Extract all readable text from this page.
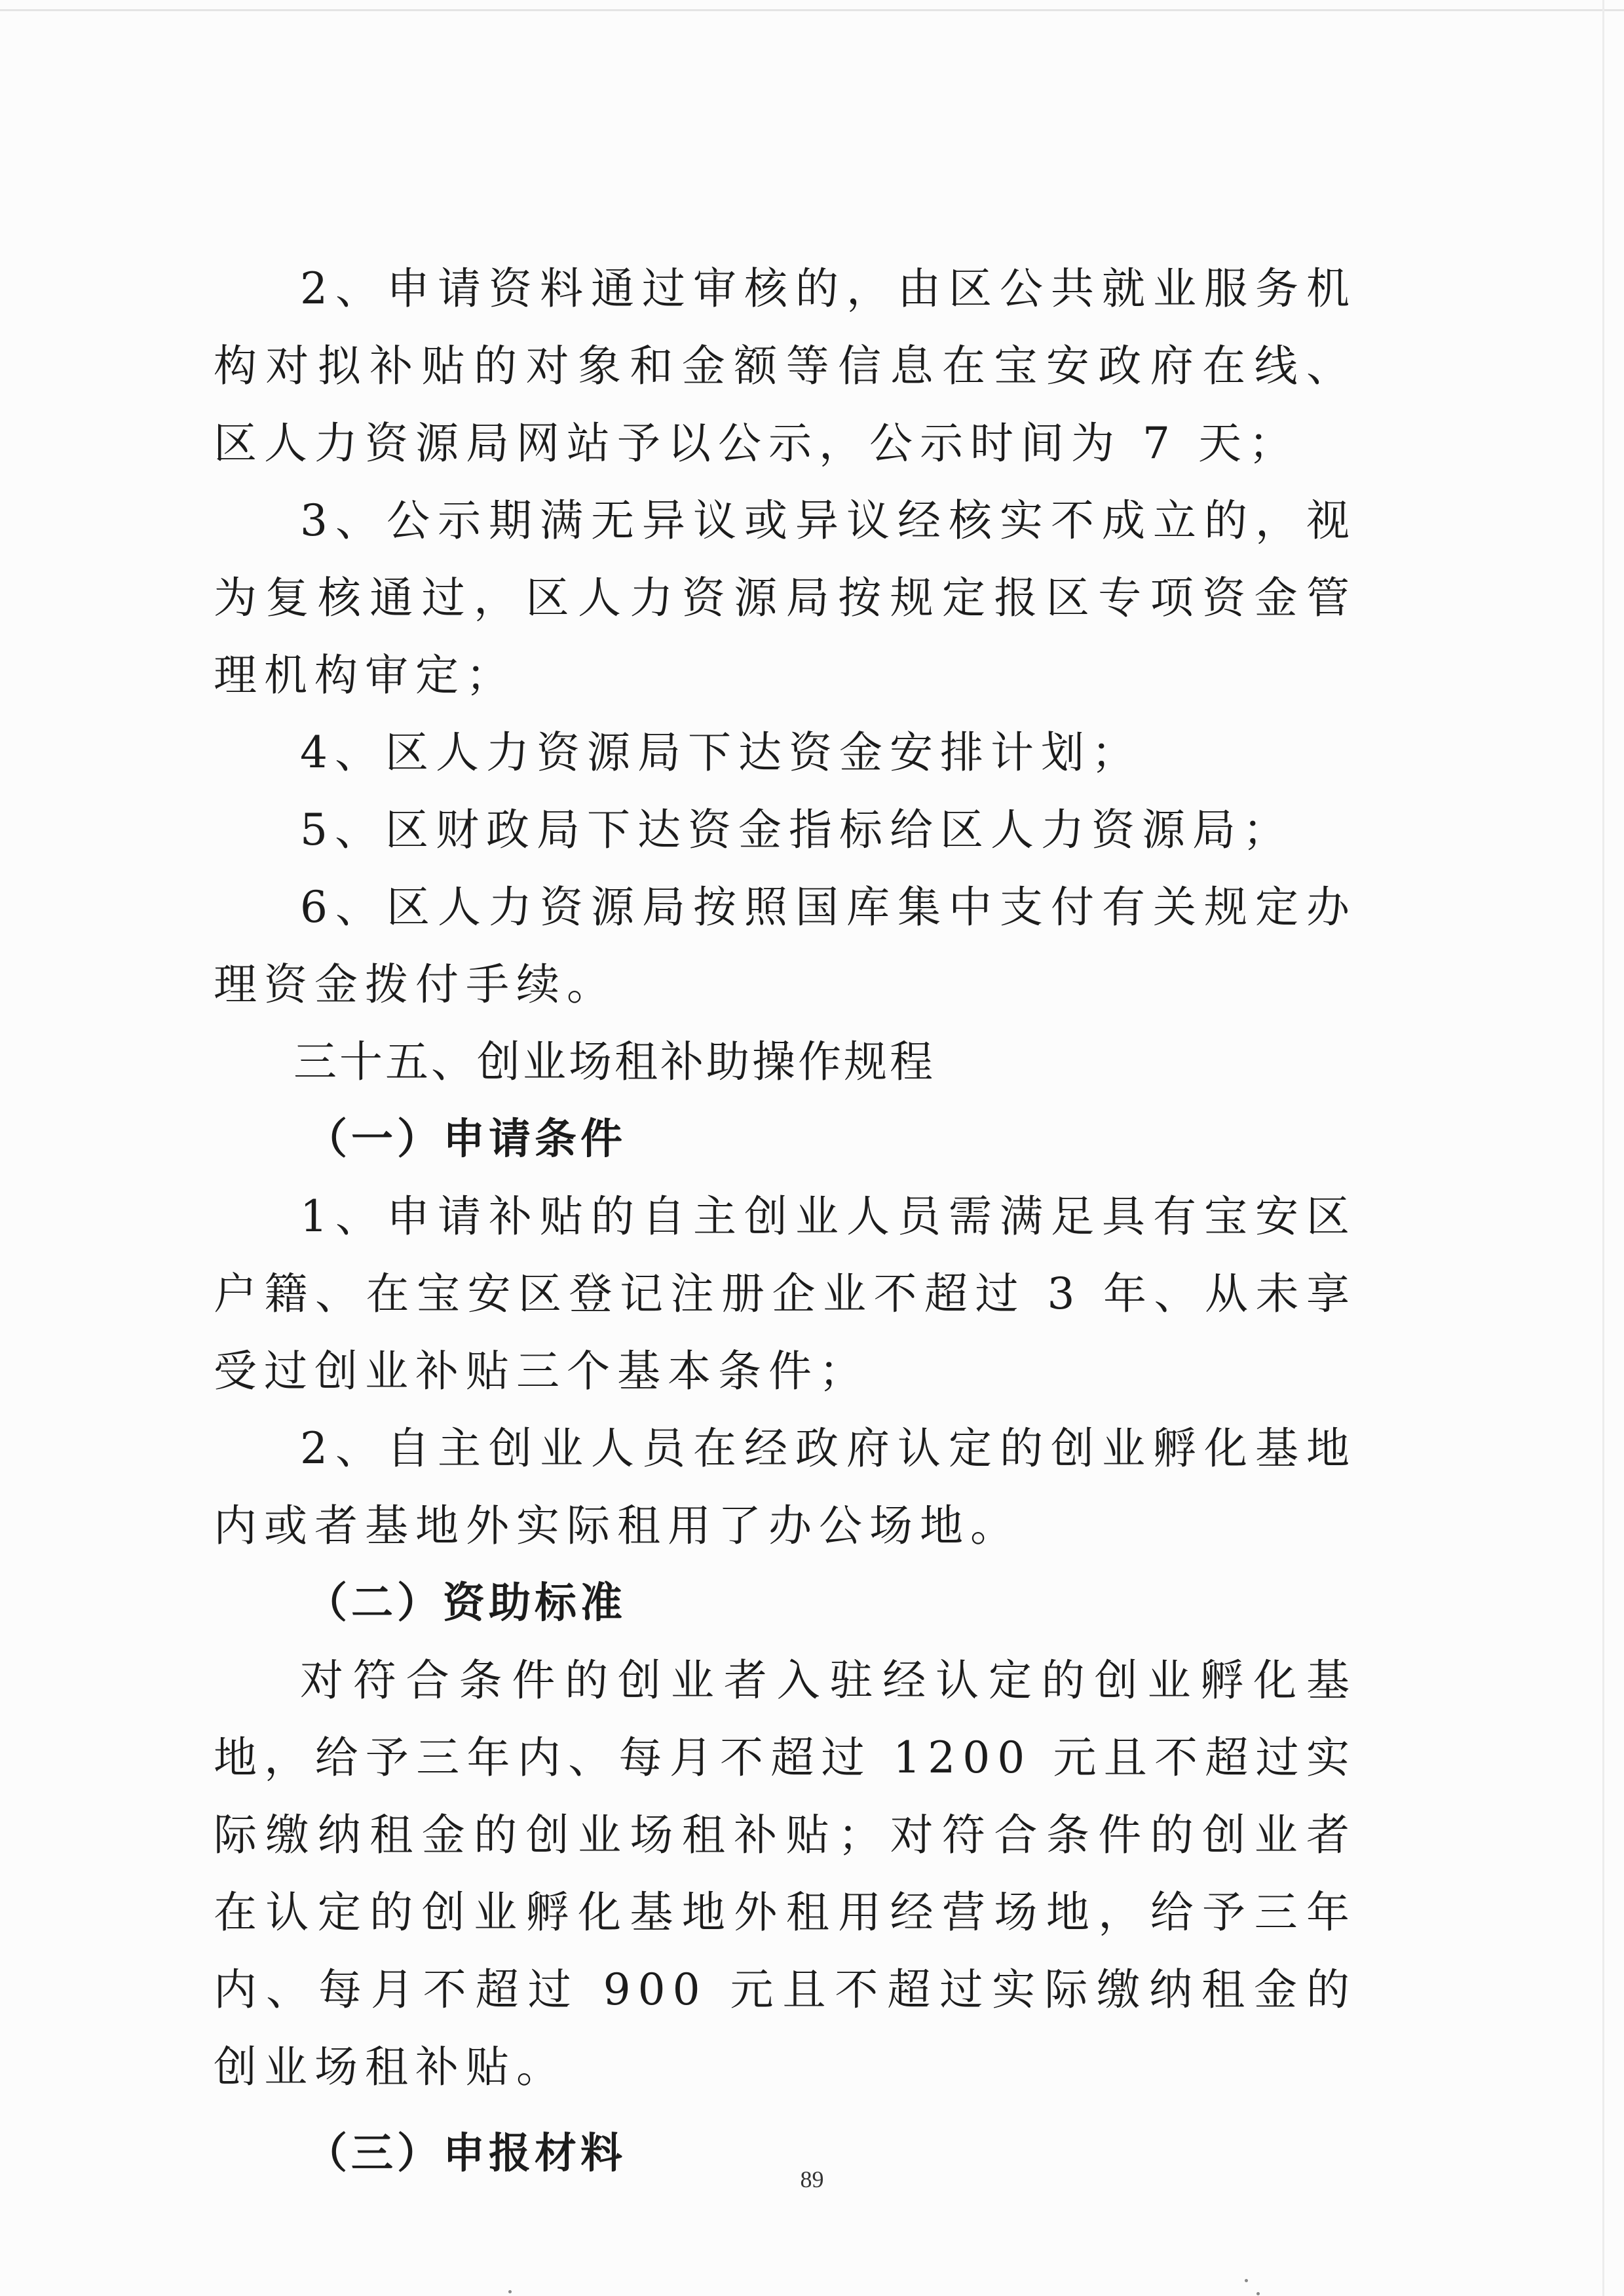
2、申请资料通过审核的，由区公共就业服务机构对拟补贴的对象和金额等信息在宝安政府在线、区人力资源局网站予以公示，公示时间为 7 天；

3、公示期满无异议或异议经核实不成立的，视为复核通过，区人力资源局按规定报区专项资金管理机构审定；

4、区人力资源局下达资金安排计划；

5、区财政局下达资金指标给区人力资源局；

6、区人力资源局按照国库集中支付有关规定办理资金拨付手续。

三十五、创业场租补助操作规程
（一）申请条件

1、申请补贴的自主创业人员需满足具有宝安区户籍、在宝安区登记注册企业不超过 3 年、从未享受过创业补贴三个基本条件；

2、自主创业人员在经政府认定的创业孵化基地内或者基地外实际租用了办公场地。

（二）资助标准

对符合条件的创业者入驻经认定的创业孵化基地，给予三年内、每月不超过 1200 元且不超过实际缴纳租金的创业场租补贴；对符合条件的创业者在认定的创业孵化基地外租用经营场地，给予三年内、每月不超过 900 元且不超过实际缴纳租金的创业场租补贴。

（三）申报材料
89
